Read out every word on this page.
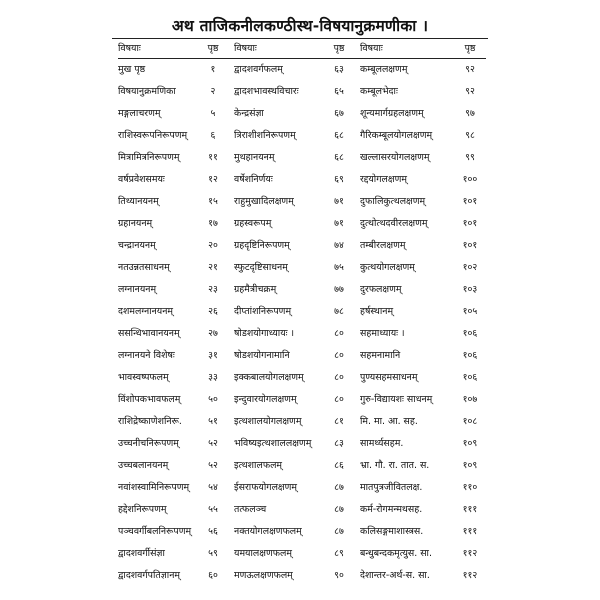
अथ ताजिकनीलकण्ठीस्थ-विषयानुक्रमणीका ।
विषयाः	पृष्ठ		विषयाः	पृष्ठ		विषयाः	पृष्ठ
मुख पृष्ठ	१		द्वादशवर्गफलम्	६३		कम्बूललक्षणम्	९२
विषयानुक्रमणिका	२		द्वादशभावस्थविचारः	६५		कम्बूलभेदाः	९२
मङ्गलाचरणम्	५		केन्द्रसंज्ञा	६७		शून्यमार्गग्रहलक्षणम्	९७
राशिस्वरूपनिरूपणम्	६		त्रिराशीशनिरूपणम्	६८		गैरिकम्बूलयोगलक्षणम्	९८
मित्रामित्रनिरूपणम्	११		मुथहानयनम्	६८		खल्लासरयोगलक्षणम्	९९
वर्षप्रवेशसमयः	१२		वर्षेशनिर्णयः	६९		रद्दयोगलक्षणम्	१००
तिथ्यानयनम्	१५		राहुमुखादिलक्षणम्	७१		दुफालिकुत्थलक्षणम्	१०१
ग्रहानयनम्	१७		ग्रहस्वरूपम्	७१		दुत्थोत्थदवीरलक्षणम्	१०१
चन्द्रानयनम्	२०		ग्रहदृष्टिनिरूपणम्	७४		तम्बीरलक्षणम्	१०१
नतउन्नतसाधनम्	२१		स्फुटदृष्टिसाधनम्	७५		कुत्थयोगलक्षणम्	१०२
लग्नानयनम्	२३		ग्रहमैत्रीचक्रम्	७७		दुरफलक्षणम्	१०३
दशमलग्नानयनम्	२६		दीप्तांशनिरूपणम्	७८		हर्षस्थानम्	१०५
ससन्धिभावानयनम्	२७		षोडशयोगाध्यायः ।	८०		सहमाध्यायः ।	१०६
लग्नानयने विशेषः	३१		षोडशयोगनामानि	८०		सहमनामानि	१०६
भावस्वष्पफलम्	३३		इक्कबालयोगलक्षणम्	८०		पुण्यसहमसाधनम्	१०६
विंशोपकभावफलम्	५०		इन्दुवारयोगलक्षणम्	८०		गुरु-विद्यायशः साधनम्	१०७
राशिद्रेष्काणेशनिरू.	५१		इत्थशालयोगलक्षणम्	८१		मि. मा. आ. सह.	१०८
उच्चनीचनिरूपणम्	५२		भविष्यइत्थशाललक्षणम्	८३		सामर्थ्यसहम.	१०९
उच्चबलानयनम्	५२		इत्थशालफलम्	८६		भ्रा. गौ. रा. तात. स.	१०९
नवांशस्वामिनिरूपणम्	५४		ईसराफयोगलक्षणम्	८७		मातपुत्रजीवितलक्ष.	११०
हद्देशनिरूपणम्	५५		तत्फलञ्च	८७		कर्म-रोगमन्मथसह.	१११
पञ्चवर्गीबलनिरूपणम्	५६		नक्तयोगलक्षणफलम्	८७		कलिसङ्गमाशास्त्रस.	१११
द्वादशवर्गीसंज्ञा	५९		यमयालक्षणफलम्	८९		बन्धुबन्दकमृत्युस. सा.	११२
द्वादशवर्गपतिज्ञानम्	६०		मणऊलक्षणफलम्	९०		देशान्तर-अर्थ-स. सा.	११२
